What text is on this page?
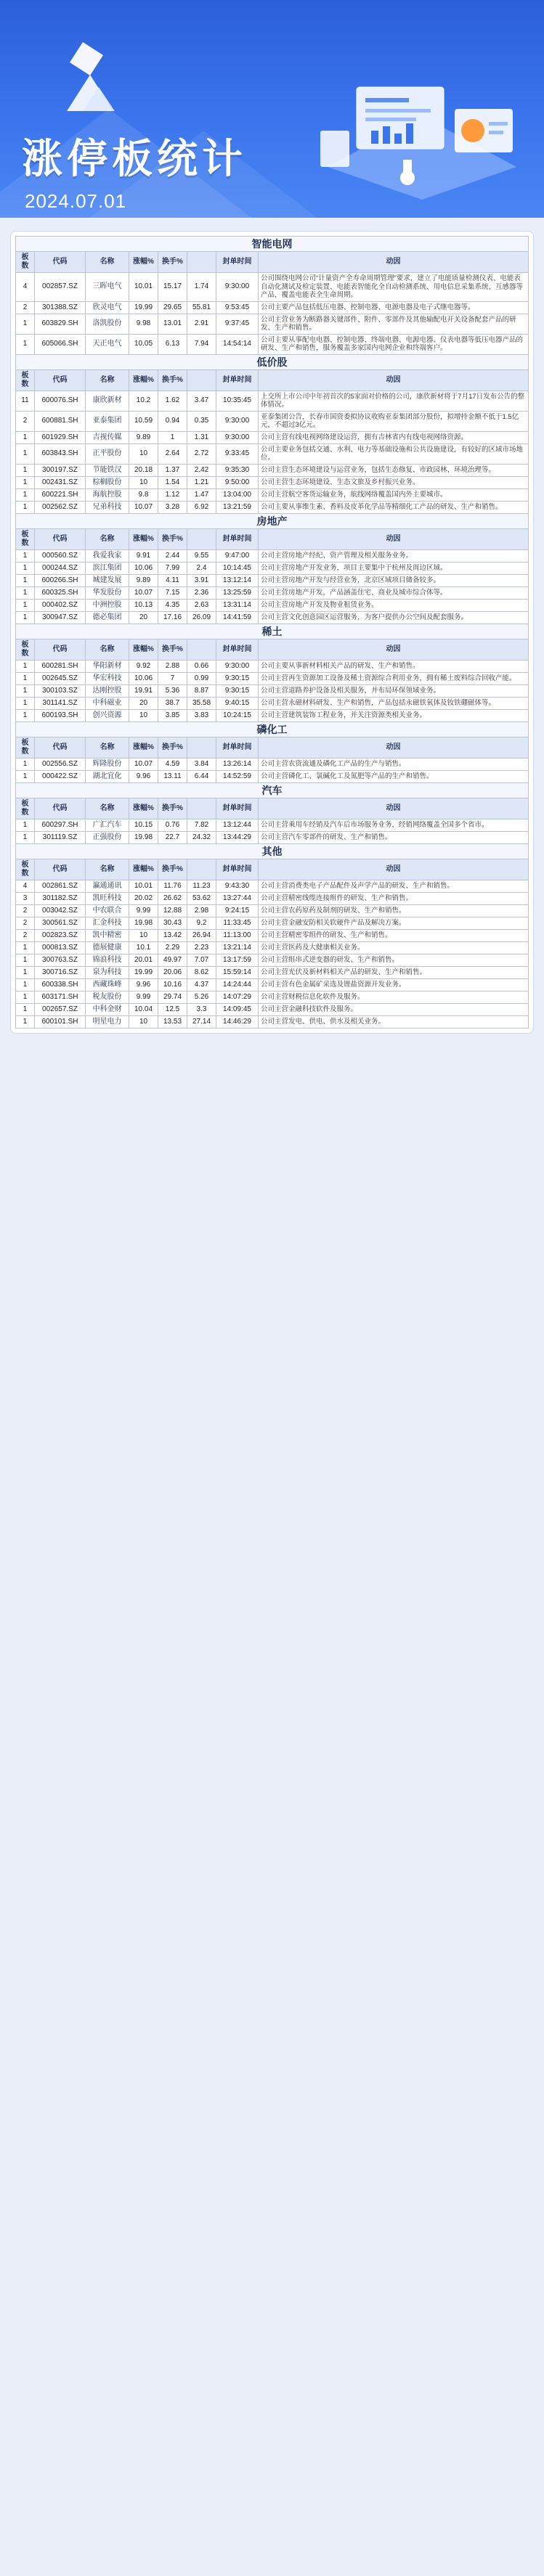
涨停板统计
2024.07.01
智能电网							
板数	代码	名称	涨幅%	换手%		封单时间	动因
4	002857.SZ	三晖电气	10.01	15.17	1.74	9:30:00	公司围绕电网公司“计量资产全寿命周期管理”要求，建立了电能质量检测仪表、电能表自动化测试及检定装置、电能表智能化全自动检测系统、用电信息采集系统、互感器等产品，覆盖电能表全生命周期。
2	301388.SZ	欣灵电气	19.99	29.65	55.81	9:53:45	公司主要产品包括低压电器、控制电器、电源电器及电子式继电器等。
1	603829.SH	洛凯股份	9.98	13.01	2.91	9:37:45	公司主营业务为断路器关键部件、附件、零部件及其他输配电开关设备配套产品的研发、生产和销售。
1	605066.SH	天正电气	10.05	6.13	7.94	14:54:14	公司主要从事配电电器、控制电器、终端电器、电源电器、仪表电器等低压电器产品的研发、生产和销售，服务覆盖多家国内电网企业和终端客户。
低价股							
板数	代码	名称	涨幅%	换手%		封单时间	动因
11	600076.SH	康欣新材	10.2	1.62	3.47	10:35:45	上交所上市公司中年初首次的5家面对价格的公司，康欣新材将于7月17日发布公告的整体情况。
2	600881.SH	亚泰集团	10.59	0.94	0.35	9:30:00	亚泰集团公告，长春市国资委拟协议收购亚泰集团部分股份，拟增持金额不低于1.5亿元，不超过3亿元。
1	601929.SH	吉视传媒	9.89	1	1.31	9:30:00	公司主营有线电视网络建设运营，拥有吉林省内有线电视网络资源。
1	603843.SH	正平股份	10	2.64	2.72	9:33:45	公司主要业务包括交通、水利、电力等基础设施和公共设施建设，有较好的区域市场地位。
1	300197.SZ	节能铁汉	20.18	1.37	2.42	9:35:30	公司主营生态环境建设与运营业务，包括生态修复、市政园林、环境治理等。
1	002431.SZ	棕榈股份	10	1.54	1.21	9:50:00	公司主营生态环境建设、生态文旅及乡村振兴业务。
1	600221.SH	海航控股	9.8	1.12	1.47	13:04:00	公司主营航空客货运输业务，航线网络覆盖国内外主要城市。
1	002562.SZ	兄弟科技	10.07	3.28	6.92	13:21:59	公司主要从事维生素、香料及皮革化学品等精细化工产品的研发、生产和销售。
房地产							
板数	代码	名称	涨幅%	换手%		封单时间	动因
1	000560.SZ	我爱我家	9.91	2.44	9.55	9:47:00	公司主营房地产经纪、资产管理及相关服务业务。
1	000244.SZ	滨江集团	10.06	7.99	2.4	10:14:45	公司主营房地产开发业务，项目主要集中于杭州及周边区域。
1	600266.SH	城建发展	9.89	4.11	3.91	13:12:14	公司主营房地产开发与经营业务，北京区域项目储备较多。
1	600325.SH	华发股份	10.07	7.15	2.36	13:25:59	公司主营房地产开发，产品涵盖住宅、商业及城市综合体等。
1	000402.SZ	中洲控股	10.13	4.35	2.63	13:31:14	公司主营房地产开发及物业租赁业务。
1	300947.SZ	德必集团	20	17.16	26.09	14:41:59	公司主营文化创意园区运营服务，为客户提供办公空间及配套服务。
稀土							
板数	代码	名称	涨幅%	换手%		封单时间	动因
1	600281.SH	华阳新材	9.92	2.88	0.66	9:30:00	公司主要从事新材料相关产品的研发、生产和销售。
1	002645.SZ	华宏科技	10.06	7	0.99	9:30:15	公司主营再生资源加工设备及稀土资源综合利用业务，拥有稀土废料综合回收产能。
1	300103.SZ	达刚控股	19.91	5.36	8.87	9:30:15	公司主营道路养护设备及相关服务，并布局环保领域业务。
1	301141.SZ	中科磁业	20	38.7	35.58	9:40:15	公司主营永磁材料研发、生产和销售，产品包括永磁铁氧体及钕铁硼磁体等。
1	600193.SH	创兴资源	10	3.85	3.83	10:24:15	公司主营建筑装饰工程业务，并关注资源类相关业务。
磷化工							
板数	代码	名称	涨幅%	换手%		封单时间	动因
1	002556.SZ	辉隆股份	10.07	4.59	3.84	13:26:14	公司主营农资流通及磷化工产品的生产与销售。
1	000422.SZ	湖北宜化	9.96	13.11	6.44	14:52:59	公司主营磷化工、氯碱化工及氮肥等产品的生产和销售。
汽车							
板数	代码	名称	涨幅%	换手%		封单时间	动因
1	600297.SH	广汇汽车	10.15	0.76	7.82	13:12:44	公司主营乘用车经销及汽车后市场服务业务，经销网络覆盖全国多个省市。
1	301119.SZ	正强股份	19.98	22.7	24.32	13:44:29	公司主营汽车零部件的研发、生产和销售。
其他							
板数	代码	名称	涨幅%	换手%		封单时间	动因
4	002861.SZ	瀛通通讯	10.01	11.76	11.23	9:43:30	公司主营消费类电子产品配件及声学产品的研发、生产和销售。
3	301182.SZ	凯旺科技	20.02	26.62	53.62	13:27:44	公司主营精密线缆连接组件的研发、生产和销售。
2	003042.SZ	中农联合	9.99	12.88	2.98	9:24:15	公司主营农药原药及制剂的研发、生产和销售。
2	300561.SZ	汇金科技	19.98	30.43	9.2	11:33:45	公司主营金融安防相关软硬件产品及解决方案。
2	002823.SZ	凯中精密	10	13.42	26.94	11:13:00	公司主营精密零组件的研发、生产和销售。
1	000813.SZ	德展健康	10.1	2.29	2.23	13:21:14	公司主营医药及大健康相关业务。
1	300763.SZ	锦浪科技	20.01	49.97	7.07	13:17:59	公司主营组串式逆变器的研发、生产和销售。
1	300716.SZ	泉为科技	19.99	20.06	8.62	15:59:14	公司主营光伏及新材料相关产品的研发、生产和销售。
1	600338.SH	西藏珠峰	9.96	10.16	4.37	14:24:44	公司主营有色金属矿采选及锂盐资源开发业务。
1	603171.SH	税友股份	9.99	29.74	5.26	14:07:29	公司主营财税信息化软件及服务。
1	002657.SZ	中科金财	10.04	12.5	3.3	14:09:45	公司主营金融科技软件及服务。
1	600101.SH	明星电力	10	13.53	27.14	14:46:29	公司主营发电、供电、供水及相关业务。
